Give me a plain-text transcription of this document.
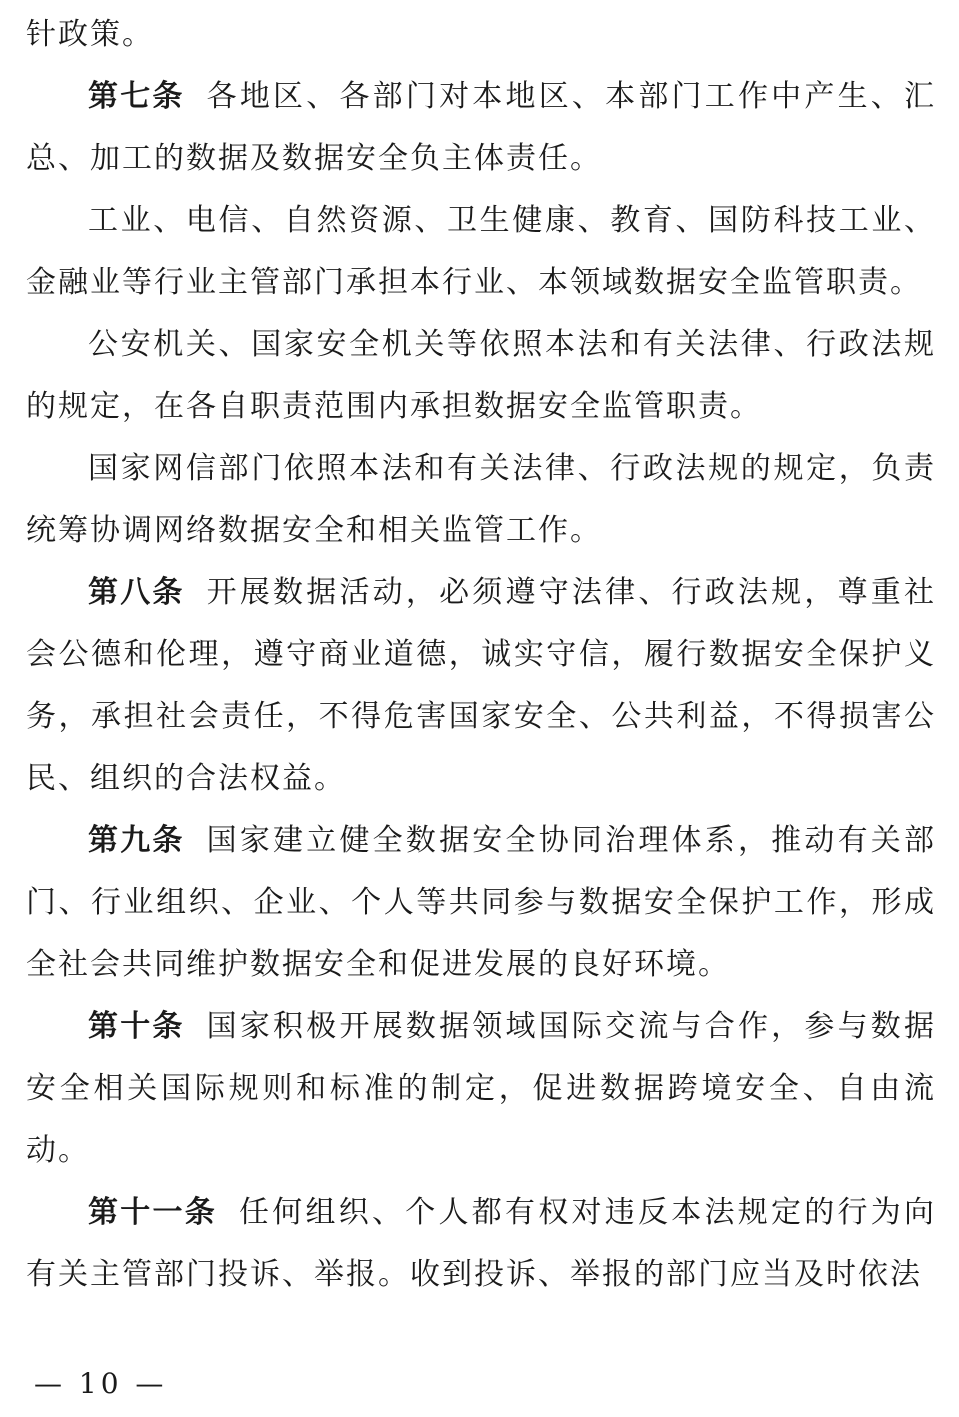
针政策。

第七条 各地区、各部门对本地区、本部门工作中产生、汇总、加工的数据及数据安全负主体责任。

工业、电信、自然资源、卫生健康、教育、国防科技工业、金融业等行业主管部门承担本行业、本领域数据安全监管职责。

公安机关、国家安全机关等依照本法和有关法律、行政法规的规定，在各自职责范围内承担数据安全监管职责。

国家网信部门依照本法和有关法律、行政法规的规定，负责统筹协调网络数据安全和相关监管工作。

第八条 开展数据活动，必须遵守法律、行政法规，尊重社会公德和伦理，遵守商业道德，诚实守信，履行数据安全保护义务，承担社会责任，不得危害国家安全、公共利益，不得损害公民、组织的合法权益。

第九条 国家建立健全数据安全协同治理体系，推动有关部门、行业组织、企业、个人等共同参与数据安全保护工作，形成全社会共同维护数据安全和促进发展的良好环境。

第十条 国家积极开展数据领域国际交流与合作，参与数据安全相关国际规则和标准的制定，促进数据跨境安全、自由流动。

第十一条 任何组织、个人都有权对违反本法规定的行为向有关主管部门投诉、举报。收到投诉、举报的部门应当及时依法

— 10 —
